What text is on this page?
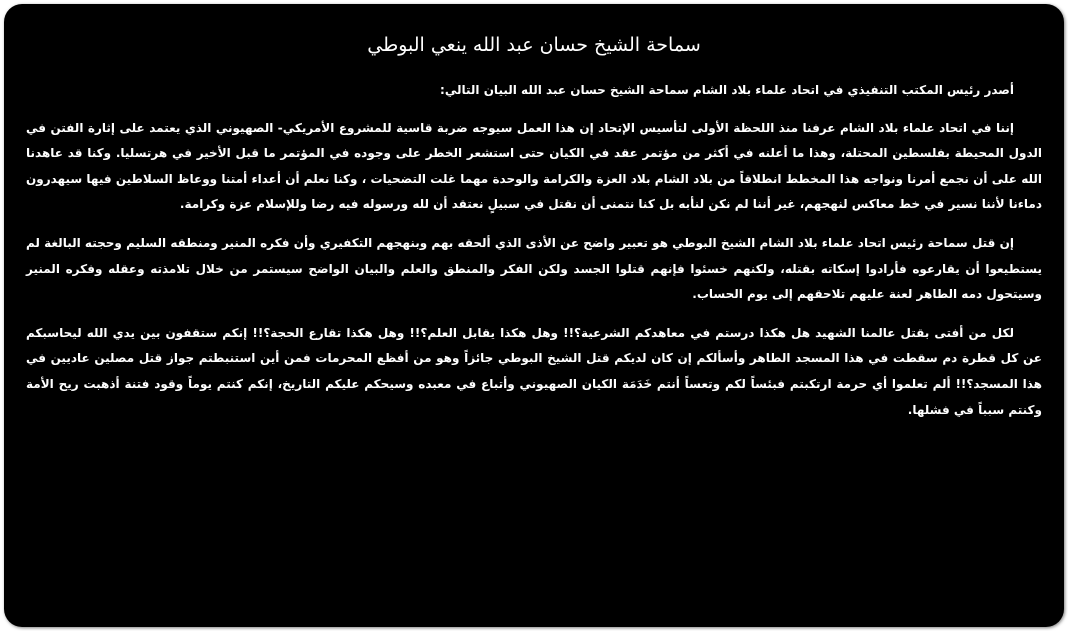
سماحة الشيخ حسان عبد الله ينعي البوطي

أصدر رئيس المكتب التنفيذي في اتحاد علماء بلاد الشام سماحة الشيخ حسان عبد الله البيان التالي:

إننا في اتحاد علماء بلاد الشام عرفنا منذ اللحظة الأولى لتأسيس الإتحاد إن هذا العمل سيوجه ضربة قاسية للمشروع الأمريكي- الصهيوني الذي يعتمد على إثارة الفتن في الدول المحيطة بفلسطين المحتلة، وهذا ما أعلنه في أكثر من مؤتمر عقد في الكيان حتى استشعر الخطر على وجوده في المؤتمر ما قبل الأخير في هرتسليا. وكنا قد عاهدنا الله على أن نجمع أمرنا ونواجه هذا المخطط انطلاقاً من بلاد الشام بلاد العزة والكرامة والوحدة مهما غلت التضحيات ، وكنا نعلم أن أعداء أمتنا ووعاظ السلاطين فيها سيهدرون دماءنا لأننا نسير في خط معاكس لنهجهم، غير أننا لم نكن لنأبه بل كنا نتمنى أن نقتل في سبيلٍ نعتقد أن لله ورسوله فيه رضا وللإسلام عزة وكرامة.

إن قتل سماحة رئيس اتحاد علماء بلاد الشام الشيخ البوطي هو تعبير واضح عن الأذى الذي ألحقه بهم وبنهجهم التكفيري وأن فكره المنير ومنطقه السليم وحجته البالغة لم يستطيعوا أن يقارعوه فأرادوا إسكاته بقتله، ولكنهم خسئوا فإنهم قتلوا الجسد ولكن الفكر والمنطق والعلم والبيان الواضح سيستمر من خلال تلامذته وعقله وفكره المنير وسيتحول دمه الطاهر لعنة عليهم تلاحقهم إلى يوم الحساب.

لكل من أفتى بقتل عالمنا الشهيد هل هكذا درستم في معاهدكم الشرعية؟!! وهل هكذا يقابل العلم؟!! وهل هكذا تقارع الحجة؟!! إنكم ستقفون بين يدي الله ليحاسبكم عن كل قطرة دم سقطت في هذا المسجد الطاهر وأسألكم إن كان لديكم قتل الشيخ البوطي جائزاً وهو من أفظع المحرمات فمن أين استنبطتم جواز قتل مصلين عاديين في هذا المسجد؟!! ألم تعلموا أي حرمة ارتكبتم فبئساً لكم وتعساً أنتم خَدَمَة الكيان الصهيوني وأتباع في معبده وسيحكم عليكم التاريخ، إنكم كنتم يوماً وقود فتنة أذهبت ريح الأمة وكنتم سبباً في فشلها.
